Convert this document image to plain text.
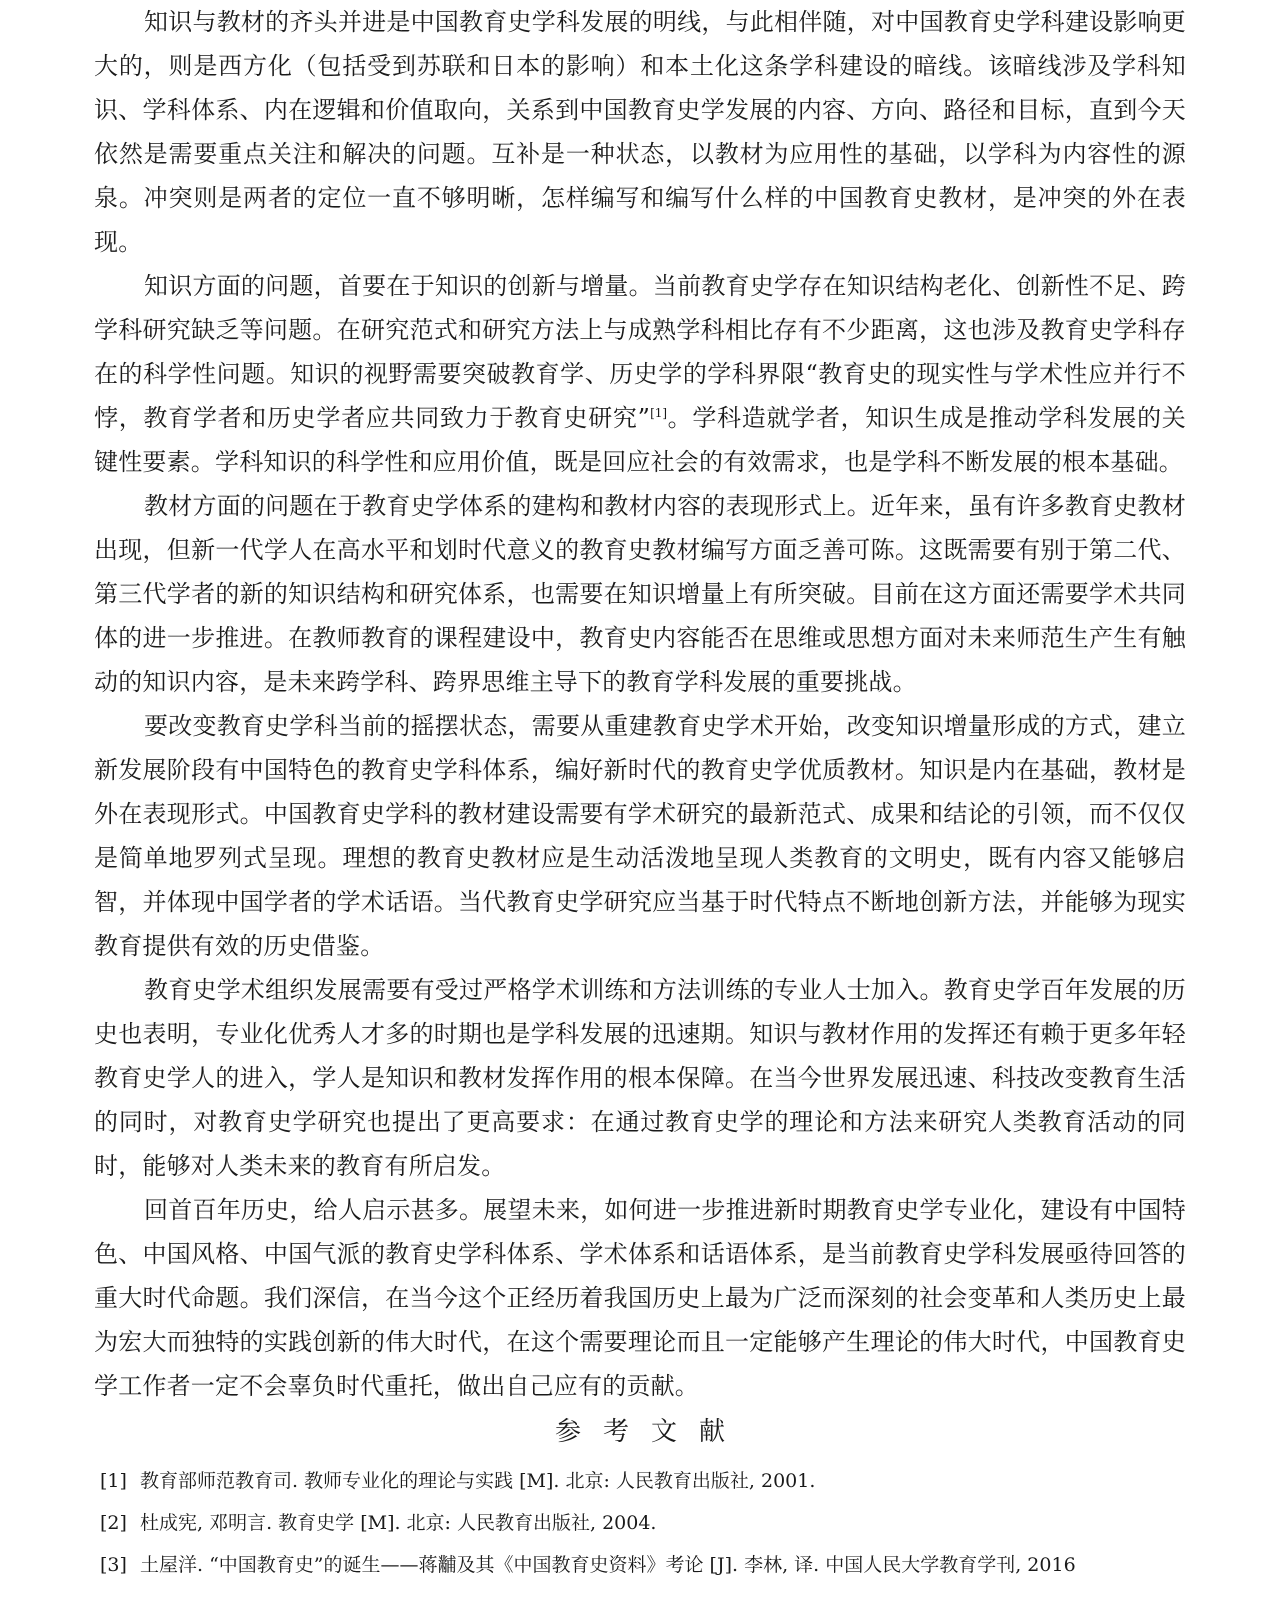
知识与教材的齐头并进是中国教育史学科发展的明线，与此相伴随，对中国教育史学科建设影响更大的，则是西方化（包括受到苏联和日本的影响）和本土化这条学科建设的暗线。该暗线涉及学科知识、学科体系、内在逻辑和价值取向，关系到中国教育史学发展的内容、方向、路径和目标，直到今天依然是需要重点关注和解决的问题。互补是一种状态，以教材为应用性的基础，以学科为内容性的源泉。冲突则是两者的定位一直不够明晰，怎样编写和编写什么样的中国教育史教材，是冲突的外在表现。

知识方面的问题，首要在于知识的创新与增量。当前教育史学存在知识结构老化、创新性不足、跨学科研究缺乏等问题。在研究范式和研究方法上与成熟学科相比存有不少距离，这也涉及教育史学科存在的科学性问题。知识的视野需要突破教育学、历史学的学科界限“教育史的现实性与学术性应并行不悖，教育学者和历史学者应共同致力于教育史研究”[1]。学科造就学者，知识生成是推动学科发展的关键性要素。学科知识的科学性和应用价值，既是回应社会的有效需求，也是学科不断发展的根本基础。

教材方面的问题在于教育史学体系的建构和教材内容的表现形式上。近年来，虽有许多教育史教材出现，但新一代学人在高水平和划时代意义的教育史教材编写方面乏善可陈。这既需要有别于第二代、第三代学者的新的知识结构和研究体系，也需要在知识增量上有所突破。目前在这方面还需要学术共同体的进一步推进。在教师教育的课程建设中，教育史内容能否在思维或思想方面对未来师范生产生有触动的知识内容，是未来跨学科、跨界思维主导下的教育学科发展的重要挑战。

要改变教育史学科当前的摇摆状态，需要从重建教育史学术开始，改变知识增量形成的方式，建立新发展阶段有中国特色的教育史学科体系，编好新时代的教育史学优质教材。知识是内在基础，教材是外在表现形式。中国教育史学科的教材建设需要有学术研究的最新范式、成果和结论的引领，而不仅仅是简单地罗列式呈现。理想的教育史教材应是生动活泼地呈现人类教育的文明史，既有内容又能够启智，并体现中国学者的学术话语。当代教育史学研究应当基于时代特点不断地创新方法，并能够为现实教育提供有效的历史借鉴。

教育史学术组织发展需要有受过严格学术训练和方法训练的专业人士加入。教育史学百年发展的历史也表明，专业化优秀人才多的时期也是学科发展的迅速期。知识与教材作用的发挥还有赖于更多年轻教育史学人的进入，学人是知识和教材发挥作用的根本保障。在当今世界发展迅速、科技改变教育生活的同时，对教育史学研究也提出了更高要求：在通过教育史学的理论和方法来研究人类教育活动的同时，能够对人类未来的教育有所启发。

回首百年历史，给人启示甚多。展望未来，如何进一步推进新时期教育史学专业化，建设有中国特色、中国风格、中国气派的教育史学科体系、学术体系和话语体系，是当前教育史学科发展亟待回答的重大时代命题。我们深信，在当今这个正经历着我国历史上最为广泛而深刻的社会变革和人类历史上最为宏大而独特的实践创新的伟大时代，在这个需要理论而且一定能够产生理论的伟大时代，中国教育史学工作者一定不会辜负时代重托，做出自己应有的贡献。

参考文献
[1] 教育部师范教育司. 教师专业化的理论与实践 [M]. 北京: 人民教育出版社, 2001.
[2] 杜成宪, 邓明言. 教育史学 [M]. 北京: 人民教育出版社, 2004.
[3] 土屋洋. “中国教育史”的诞生——蒋黼及其《中国教育史资料》考论 [J]. 李林, 译. 中国人民大学教育学刊, 2016
